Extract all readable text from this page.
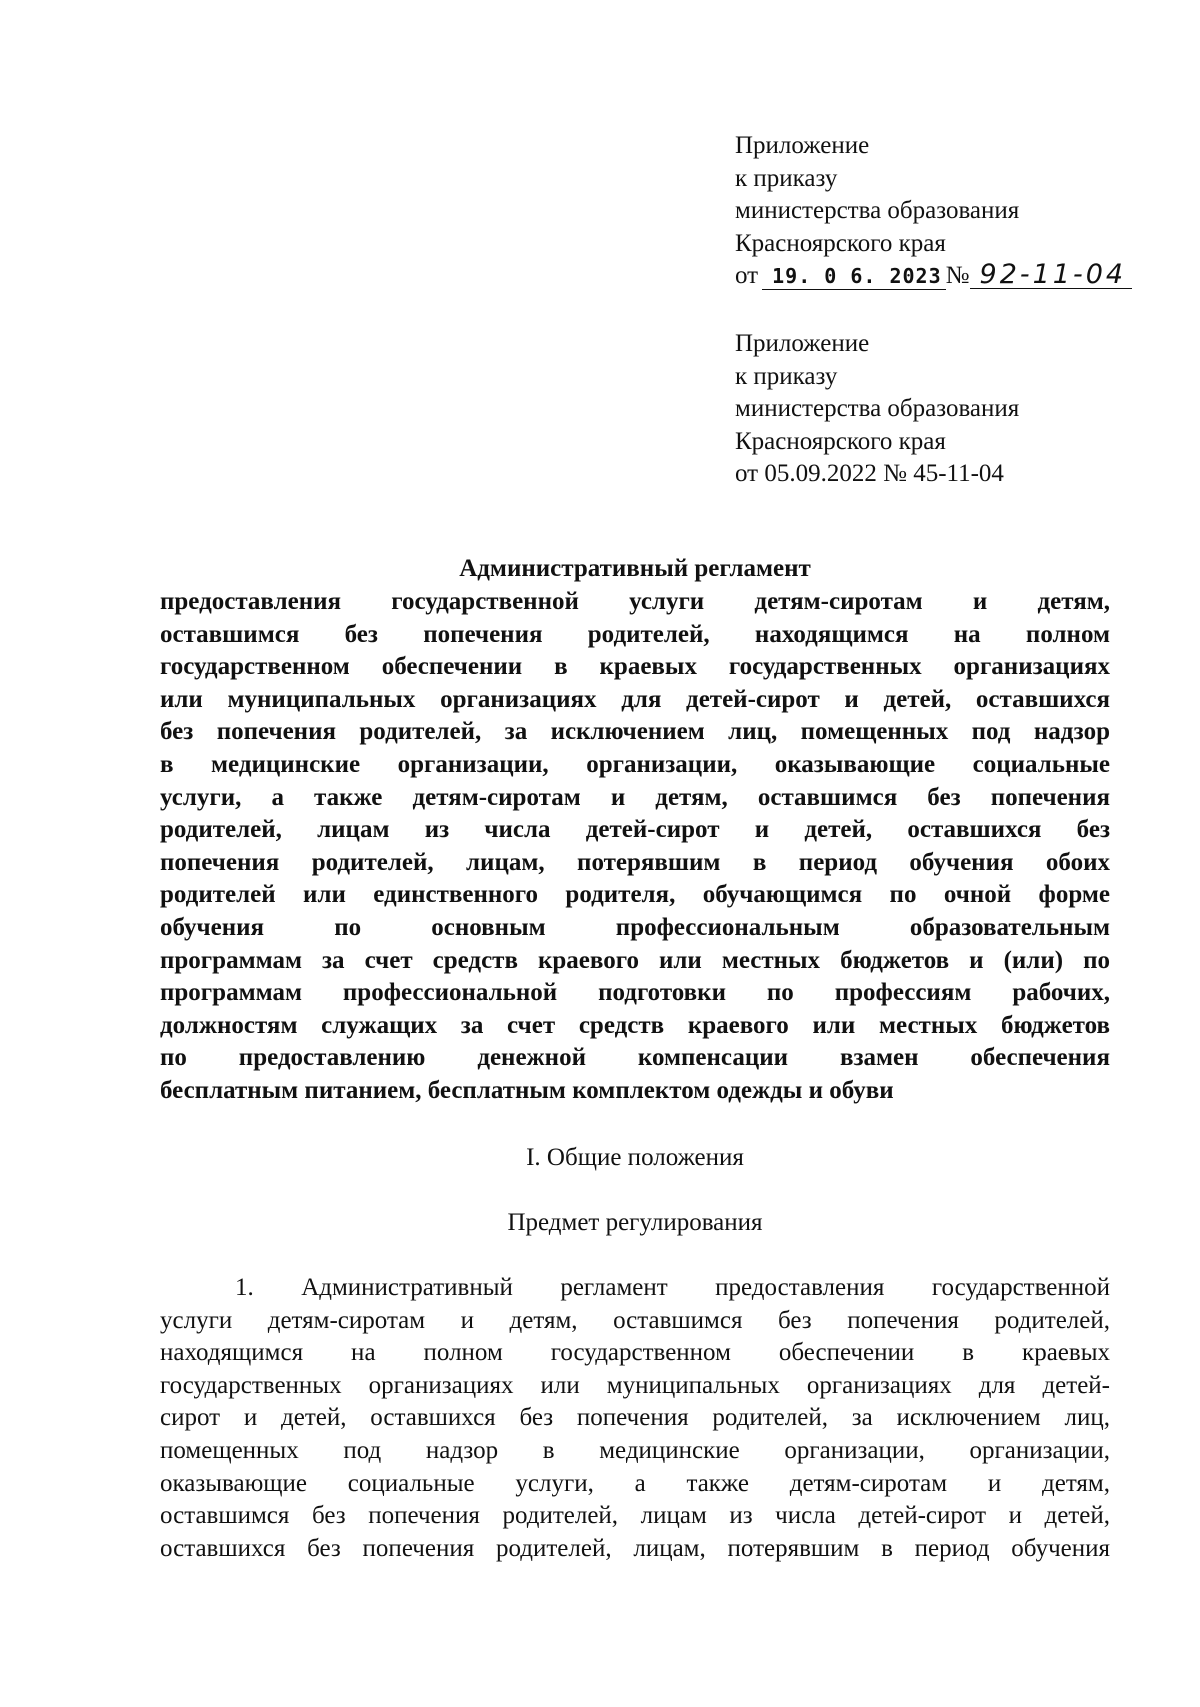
Приложение
к приказу
министерства образования
Красноярского края
от 19. 0 6. 2023 № 92-11-04
Приложение
к приказу
министерства образования
Красноярского края
от 05.09.2022 № 45-11-04
Административный регламент
предоставления государственной услуги детям-сиротам и детям,
оставшимся без попечения родителей, находящимся на полном
государственном обеспечении в краевых государственных организациях
или муниципальных организациях для детей-сирот и детей, оставшихся
без попечения родителей, за исключением лиц, помещенных под надзор
в медицинские организации, организации, оказывающие социальные
услуги, а также детям-сиротам и детям, оставшимся без попечения
родителей, лицам из числа детей-сирот и детей, оставшихся без
попечения родителей, лицам, потерявшим в период обучения обоих
родителей или единственного родителя, обучающимся по очной форме
обучения по основным профессиональным образовательным
программам за счет средств краевого или местных бюджетов и (или) по
программам профессиональной подготовки по профессиям рабочих,
должностям служащих за счет средств краевого или местных бюджетов
по предоставлению денежной компенсации взамен обеспечения
бесплатным питанием, бесплатным комплектом одежды и обуви
I. Общие положения
Предмет регулирования
1. Административный регламент предоставления государственной
услуги детям-сиротам и детям, оставшимся без попечения родителей,
находящимся на полном государственном обеспечении в краевых
государственных организациях или муниципальных организациях для детей-
сирот и детей, оставшихся без попечения родителей, за исключением лиц,
помещенных под надзор в медицинские организации, организации,
оказывающие социальные услуги, а также детям-сиротам и детям,
оставшимся без попечения родителей, лицам из числа детей-сирот и детей,
оставшихся без попечения родителей, лицам, потерявшим в период обучения
